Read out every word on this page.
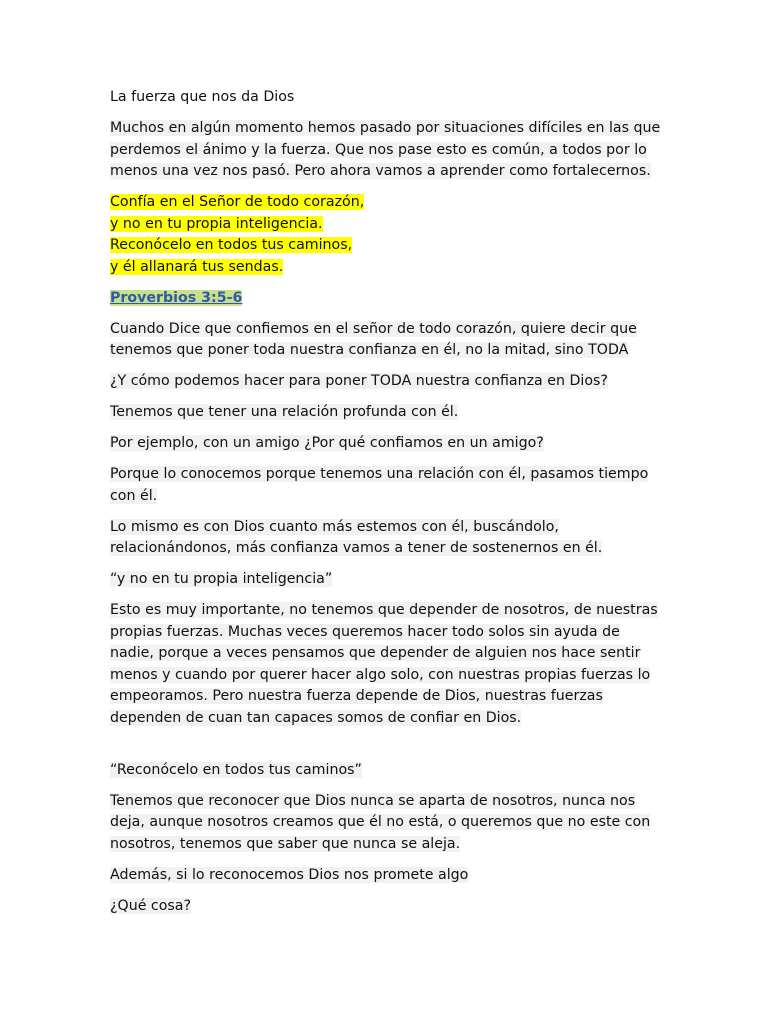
La fuerza que nos da Dios
Muchos en algún momento hemos pasado por situaciones difíciles en las que
perdemos el ánimo y la fuerza. Que nos pase esto es común, a todos por lo
menos una vez nos pasó. Pero ahora vamos a aprender como fortalecernos.
Confía en el Señor de todo corazón,
y no en tu propia inteligencia.
Reconócelo en todos tus caminos,
y él allanará tus sendas.
Proverbios 3:5-6
Cuando Dice que confiemos en el señor de todo corazón, quiere decir que
tenemos que poner toda nuestra confianza en él, no la mitad, sino TODA
¿Y cómo podemos hacer para poner TODA nuestra confianza en Dios?
Tenemos que tener una relación profunda con él.
Por ejemplo, con un amigo ¿Por qué confiamos en un amigo?
Porque lo conocemos porque tenemos una relación con él, pasamos tiempo
con él.
Lo mismo es con Dios cuanto más estemos con él, buscándolo,
relacionándonos, más confianza vamos a tener de sostenernos en él.
“y no en tu propia inteligencia”
Esto es muy importante, no tenemos que depender de nosotros, de nuestras
propias fuerzas. Muchas veces queremos hacer todo solos sin ayuda de
nadie, porque a veces pensamos que depender de alguien nos hace sentir
menos y cuando por querer hacer algo solo, con nuestras propias fuerzas lo
empeoramos. Pero nuestra fuerza depende de Dios, nuestras fuerzas
dependen de cuan tan capaces somos de confiar en Dios.
“Reconócelo en todos tus caminos”
Tenemos que reconocer que Dios nunca se aparta de nosotros, nunca nos
deja, aunque nosotros creamos que él no está, o queremos que no este con
nosotros, tenemos que saber que nunca se aleja.
Además, si lo reconocemos Dios nos promete algo
¿Qué cosa?
